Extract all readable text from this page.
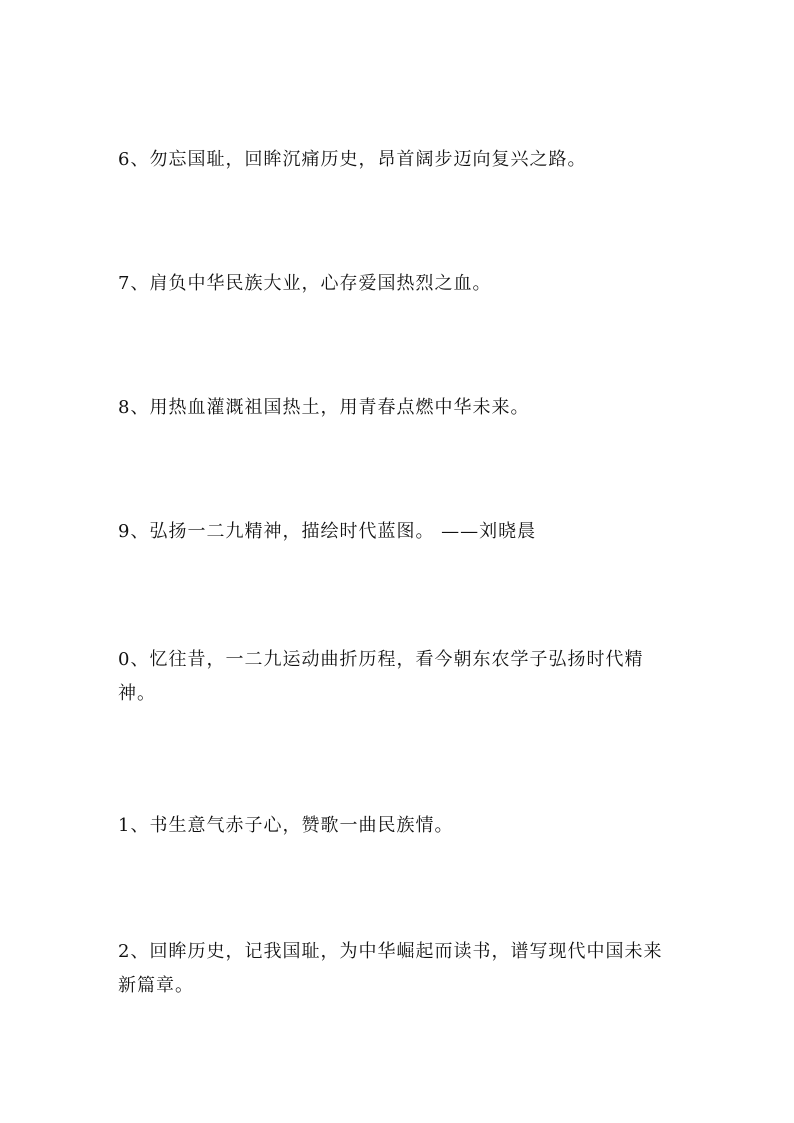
6、勿忘国耻，回眸沉痛历史，昂首阔步迈向复兴之路。
7、肩负中华民族大业，心存爱国热烈之血。
8、用热血灌溉祖国热土，用青春点燃中华未来。
9、弘扬一二九精神，描绘时代蓝图。 ——刘晓晨
0、忆往昔，一二九运动曲折历程，看今朝东农学子弘扬时代精神。
1、书生意气赤子心，赞歌一曲民族情。
2、回眸历史，记我国耻，为中华崛起而读书，谱写现代中国未来新篇章。
